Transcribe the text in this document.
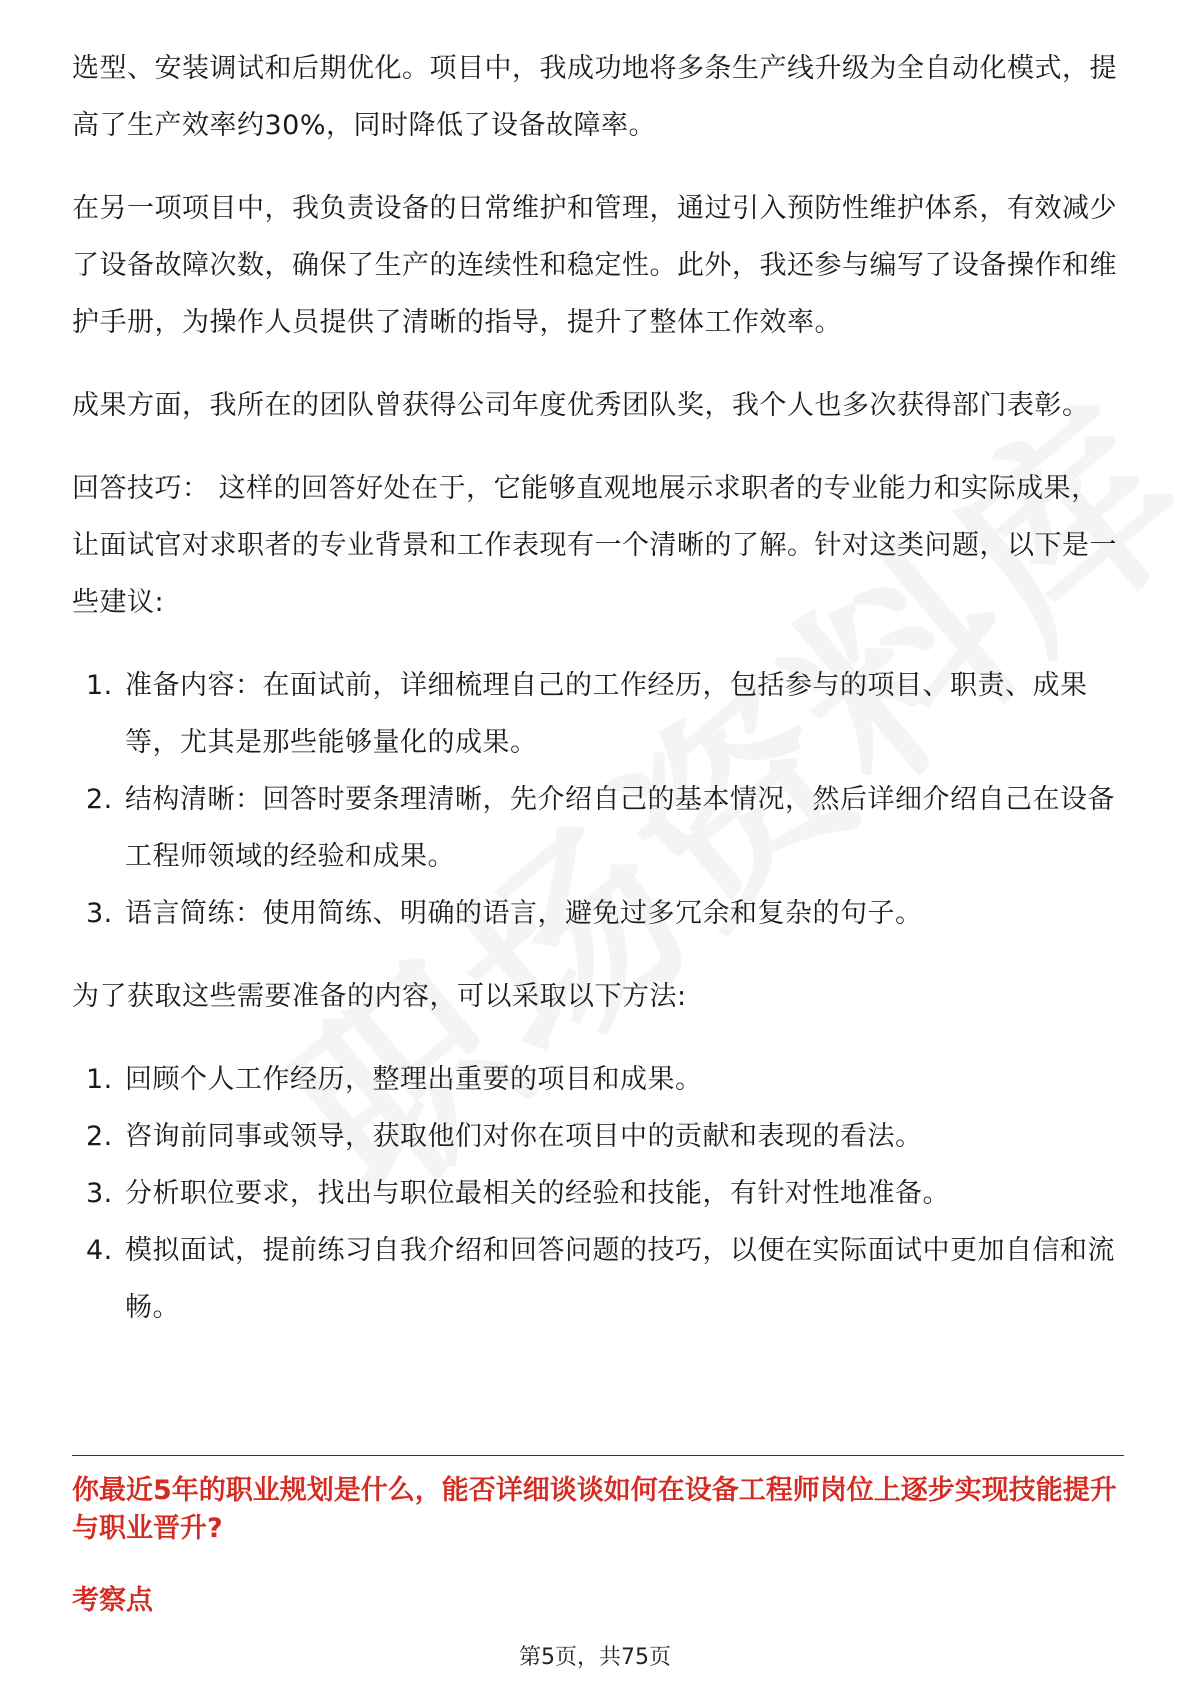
选型、安装调试和后期优化。项目中，我成功地将多条生产线升级为全自动化模式，提高了生产效率约30%，同时降低了设备故障率。

在另一项项目中，我负责设备的日常维护和管理，通过引入预防性维护体系，有效减少了设备故障次数，确保了生产的连续性和稳定性。此外，我还参与编写了设备操作和维护手册，为操作人员提供了清晰的指导，提升了整体工作效率。

成果方面，我所在的团队曾获得公司年度优秀团队奖，我个人也多次获得部门表彰。

回答技巧： 这样的回答好处在于，它能够直观地展示求职者的专业能力和实际成果，让面试官对求职者的专业背景和工作表现有一个清晰的了解。针对这类问题，以下是一些建议:

1. 准备内容：在面试前，详细梳理自己的工作经历，包括参与的项目、职责、成果等，尤其是那些能够量化的成果。
2. 结构清晰：回答时要条理清晰，先介绍自己的基本情况，然后详细介绍自己在设备工程师领域的经验和成果。
3. 语言简练：使用简练、明确的语言，避免过多冗余和复杂的句子。

为了获取这些需要准备的内容，可以采取以下方法:

1. 回顾个人工作经历，整理出重要的项目和成果。
2. 咨询前同事或领导，获取他们对你在项目中的贡献和表现的看法。
3. 分析职位要求，找出与职位最相关的经验和技能，有针对性地准备。
4. 模拟面试，提前练习自我介绍和回答问题的技巧，以便在实际面试中更加自信和流畅。
你最近5年的职业规划是什么，能否详细谈谈如何在设备工程师岗位上逐步实现技能提升与职业晋升?
考察点
第5页，共75页
